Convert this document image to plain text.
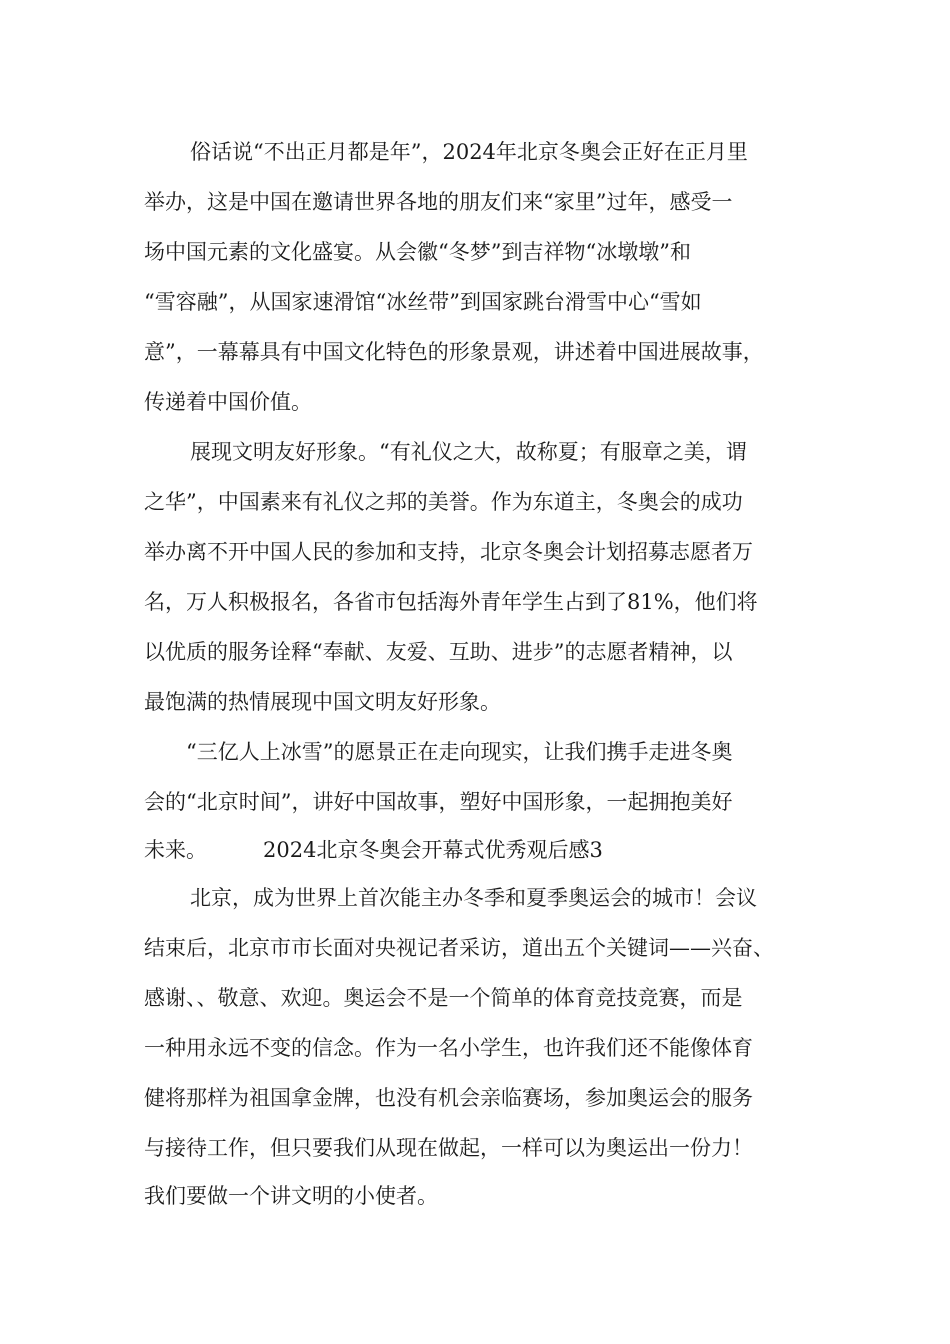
俗话说“不出正月都是年”，2024年北京冬奥会正好在正月里
举办，这是中国在邀请世界各地的朋友们来“家里”过年，感受一
场中国元素的文化盛宴。从会徽“冬梦”到吉祥物“冰墩墩”和
“雪容融”，从国家速滑馆“冰丝带”到国家跳台滑雪中心“雪如
意”，一幕幕具有中国文化特色的形象景观，讲述着中国进展故事，
传递着中国价值。
展现文明友好形象。“有礼仪之大，故称夏；有服章之美，谓
之华”，中国素来有礼仪之邦的美誉。作为东道主，冬奥会的成功
举办离不开中国人民的参加和支持，北京冬奥会计划招募志愿者万
名，万人积极报名，各省市包括海外青年学生占到了81%，他们将
以优质的服务诠释“奉献、友爱、互助、进步”的志愿者精神，以
最饱满的热情展现中国文明友好形象。
“三亿人上冰雪”的愿景正在走向现实，让我们携手走进冬奥
会的“北京时间”，讲好中国故事，塑好中国形象，一起拥抱美好
未来。	2024北京冬奥会开幕式优秀观后感3
北京，成为世界上首次能主办冬季和夏季奥运会的城市！会议
结束后，北京市市长面对央视记者采访，道出五个关键词——兴奋、
感谢、、敬意、欢迎。奥运会不是一个简单的体育竞技竞赛，而是
一种用永远不变的信念。作为一名小学生，也许我们还不能像体育
健将那样为祖国拿金牌，也没有机会亲临赛场，参加奥运会的服务
与接待工作，但只要我们从现在做起，一样可以为奥运出一份力！
我们要做一个讲文明的小使者。
